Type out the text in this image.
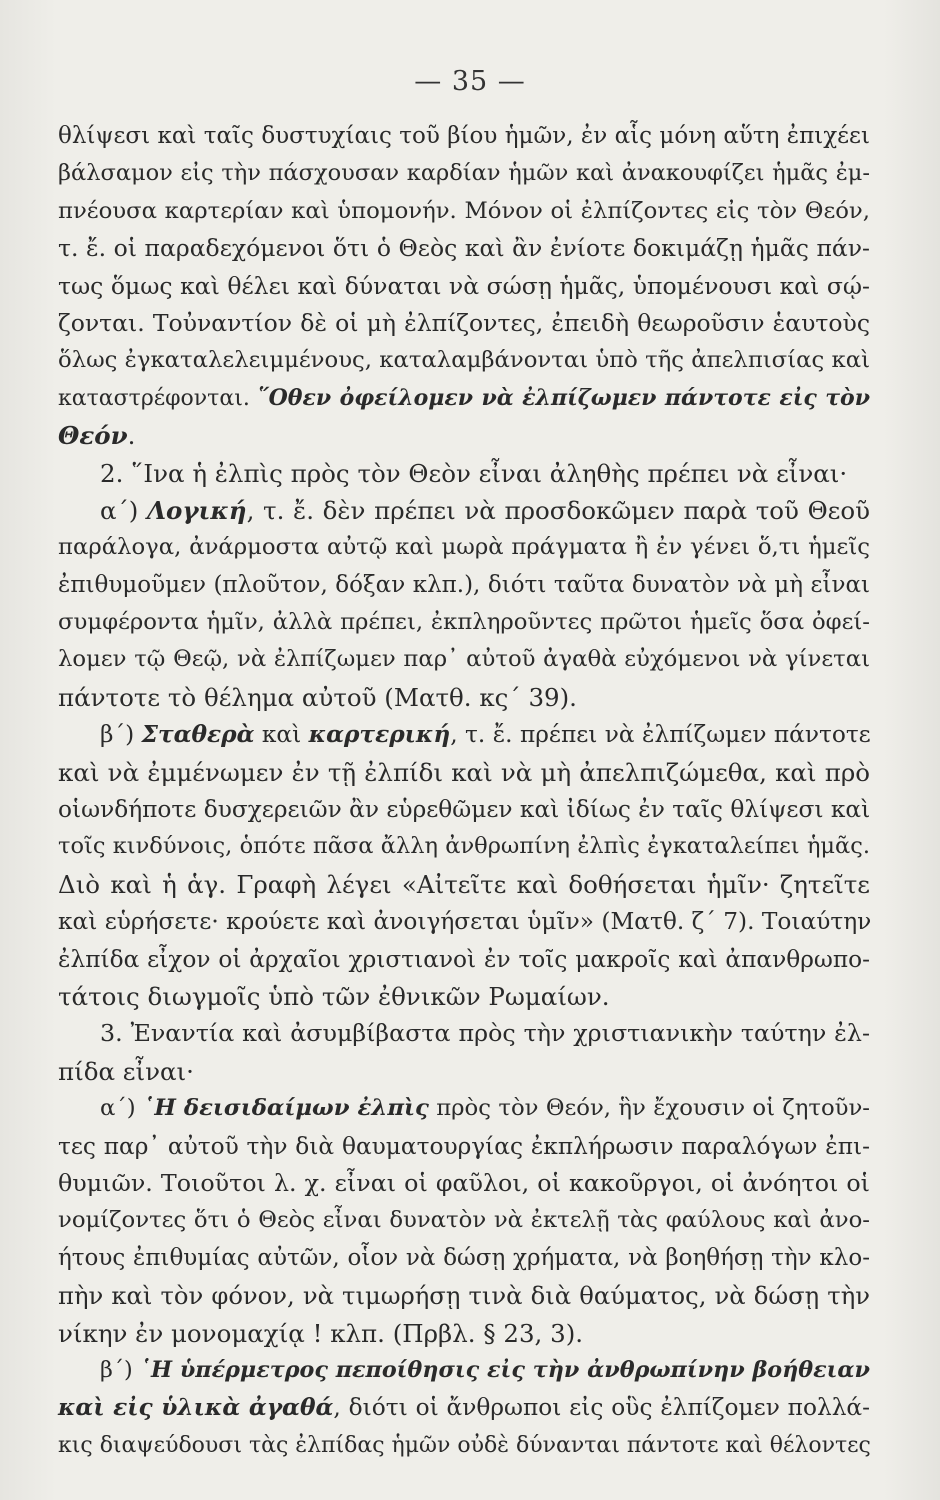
— 35 —
θλίψεσι καὶ ταῖς δυστυχίαις τοῦ βίου ἡμῶν, ἐν αἷς μόνη αὕτη ἐπιχέει
βάλσαμον εἰς τὴν πάσχουσαν καρδίαν ἡμῶν καὶ ἀνακουφίζει ἡμᾶς ἐμ-
πνέουσα καρτερίαν καὶ ὑπομονήν. Μόνον οἱ ἐλπίζοντες εἰς τὸν Θεόν,
τ. ἔ. οἱ παραδεχόμενοι ὅτι ὁ Θεὸς καὶ ἂν ἐνίοτε δοκιμάζῃ ἡμᾶς πάν-
τως ὅμως καὶ θέλει καὶ δύναται νὰ σώσῃ ἡμᾶς, ὑπομένουσι καὶ σῴ-
ζονται. Τοὐναντίον δὲ οἱ μὴ ἐλπίζοντες, ἐπειδὴ θεωροῦσιν ἑαυτοὺς
ὅλως ἐγκαταλελειμμένους, καταλαμβάνονται ὑπὸ τῆς ἀπελπισίας καὶ
καταστρέφονται. ῞Οθεν ὀφείλομεν νὰ ἐλπίζωμεν πάντοτε εἰς τὸν
Θεόν.
2. ῞Ινα ἡ ἐλπὶς πρὸς τὸν Θεὸν εἶναι ἀληθὴς πρέπει νὰ εἶναι·
α΄) Λογική, τ. ἔ. δὲν πρέπει νὰ προσδοκῶμεν παρὰ τοῦ Θεοῦ
παράλογα, ἀνάρμοστα αὐτῷ καὶ μωρὰ πράγματα ἢ ἐν γένει ὅ,τι ἡμεῖς
ἐπιθυμοῦμεν (πλοῦτον, δόξαν κλπ.), διότι ταῦτα δυνατὸν νὰ μὴ εἶναι
συμφέροντα ἡμῖν, ἀλλὰ πρέπει, ἐκπληροῦντες πρῶτοι ἡμεῖς ὅσα ὀφεί-
λομεν τῷ Θεῷ, νὰ ἐλπίζωμεν παρ᾿ αὐτοῦ ἀγαθὰ εὐχόμενοι νὰ γίνεται
πάντοτε τὸ θέλημα αὐτοῦ (Ματθ. κς΄ 39).
β΄) Σταθερὰ καὶ καρτερική, τ. ἔ. πρέπει νὰ ἐλπίζωμεν πάντοτε
καὶ νὰ ἐμμένωμεν ἐν τῇ ἐλπίδι καὶ νὰ μὴ ἀπελπιζώμεθα, καὶ πρὸ
οἱωνδήποτε δυσχερειῶν ἂν εὑρεθῶμεν καὶ ἰδίως ἐν ταῖς θλίψεσι καὶ
τοῖς κινδύνοις, ὁπότε πᾶσα ἄλλη ἀνθρωπίνη ἐλπὶς ἐγκαταλείπει ἡμᾶς.
Διὸ καὶ ἡ ἁγ. Γραφὴ λέγει «Αἰτεῖτε καὶ δοθήσεται ἡμῖν· ζητεῖτε
καὶ εὑρήσετε· κρούετε καὶ ἀνοιγήσεται ὑμῖν» (Ματθ. ζ΄ 7). Τοιαύτην
ἐλπίδα εἶχον οἱ ἀρχαῖοι χριστιανοὶ ἐν τοῖς μακροῖς καὶ ἀπανθρωπο-
τάτοις διωγμοῖς ὑπὸ τῶν ἐθνικῶν Ρωμαίων.
3. Ἐναντία καὶ ἀσυμβίβαστα πρὸς τὴν χριστιανικὴν ταύτην ἐλ-
πίδα εἶναι·
α΄) ῾Η δεισιδαίμων ἐλπὶς πρὸς τὸν Θεόν, ἣν ἔχουσιν οἱ ζητοῦν-
τες παρ᾿ αὐτοῦ τὴν διὰ θαυματουργίας ἐκπλήρωσιν παραλόγων ἐπι-
θυμιῶν. Τοιοῦτοι λ. χ. εἶναι οἱ φαῦλοι, οἱ κακοῦργοι, οἱ ἀνόητοι οἱ
νομίζοντες ὅτι ὁ Θεὸς εἶναι δυνατὸν νὰ ἐκτελῇ τὰς φαύλους καὶ ἀνο-
ήτους ἐπιθυμίας αὐτῶν, οἷον νὰ δώσῃ χρήματα, νὰ βοηθήσῃ τὴν κλο-
πὴν καὶ τὸν φόνον, νὰ τιμωρήσῃ τινὰ διὰ θαύματος, νὰ δώσῃ τὴν
νίκην ἐν μονομαχίᾳ ! κλπ. (Πρβλ. § 23, 3).
β΄) ῾Η ὑπέρμετρος πεποίθησις εἰς τὴν ἀνθρωπίνην βοήθειαν
καὶ εἰς ὑλικὰ ἀγαθά, διότι οἱ ἄνθρωποι εἰς οὓς ἐλπίζομεν πολλά-
κις διαψεύδουσι τὰς ἐλπίδας ἡμῶν οὐδὲ δύνανται πάντοτε καὶ θέλοντες
